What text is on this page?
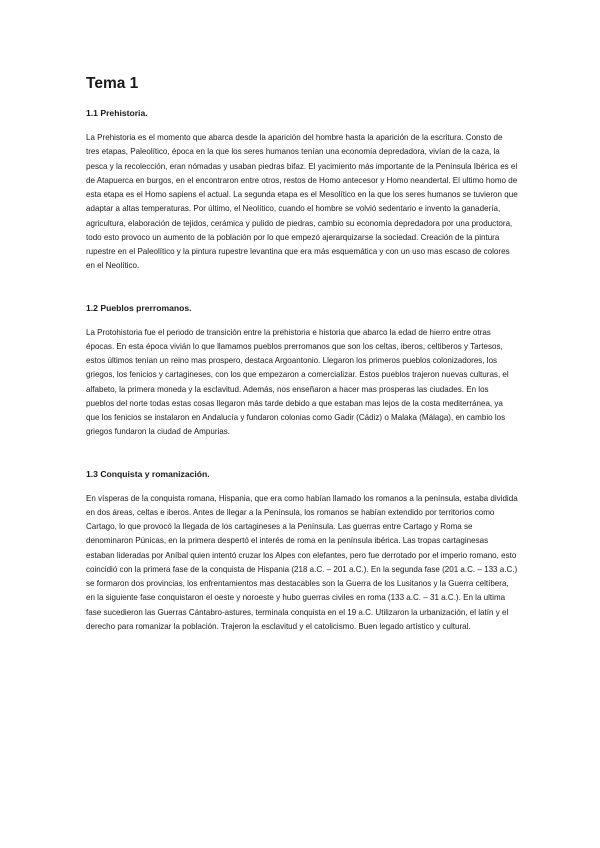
Tema 1
1.1 Prehistoria.

La Prehistoria es el momento que abarca desde la aparición del hombre hasta la aparición de la escritura. Consto de tres etapas, Paleolítico, época en la que los seres humanos tenían una economía depredadora, vivían de la caza, la pesca y la recolección, eran nómadas y usaban piedras bifaz. El yacimiento más importante de la Península Ibérica es el de Atapuerca en burgos, en el encontraron entre otros, restos de Homo antecesor y Homo neandertal. El ultimo homo de esta etapa es el Homo sapiens el actual. La segunda etapa es el Mesolítico en la que los seres humanos se tuvieron que adaptar a altas temperaturas. Por último, el Neolítico, cuando el hombre se volvió sedentario e invento la ganadería, agricultura, elaboración de tejidos, cerámica y pulido de piedras, cambio su economía depredadora por una productora, todo esto provoco un aumento de la población por lo que empezó ajerarquizarse la sociedad. Creación de la pintura rupestre en el Paleolítico y la pintura rupestre levantina que era más esquemática y con un uso mas escaso de colores en el Neolítico.

1.2 Pueblos prerromanos.

La Protohistoria fue el periodo de transición entre la prehistoria e historia que abarco la edad de hierro entre otras épocas. En esta época vivián lo que llamamos pueblos prerromanos que son los celtas, iberos, celtiberos y Tartesos, estos últimos tenían un reino mas prospero, destaca Argoantonio. Llegaron los primeros pueblos colonizadores, los griegos, los fenicios y cartagineses, con los que empezaron a comercializar. Estos pueblos trajeron nuevas culturas, el alfabeto, la primera moneda y la esclavitud. Además, nos enseñaron a hacer mas prosperas las ciudades. En los pueblos del norte todas estas cosas llegaron más tarde debido a que estaban mas lejos de la costa mediterránea, ya que los fenicios se instalaron en Andalucía y fundaron colonias como Gadir (Cádiz) o Malaka (Málaga), en cambio los griegos fundaron la ciudad de Ampurias.

1.3 Conquista y romanización.

En vísperas de la conquista romana, Hispania, que era como habían llamado los romanos a la península, estaba dividida en dos áreas, celtas e iberos. Antes de llegar a la Península, los romanos se habían extendido por territorios como Cartago, lo que provocó la llegada de los cartagineses a la Península. Las guerras entre Cartago y Roma se denominaron Púnicas, en la primera despertó el interés de roma en la península ibérica. Las tropas cartaginesas estaban lideradas por Aníbal quien intentó cruzar los Alpes con elefantes, pero fue derrotado por el imperio romano, esto coincidió con la primera fase de la conquista de Hispania (218 a.C. – 201 a.C.). En la segunda fase (201 a.C. – 133 a.C.) se formaron dos provincias, los enfrentamientos mas destacables son la Guerra de los Lusitanos y la Guerra celtíbera, en la siguiente fase conquistaron el oeste y noroeste y hubo guerras civiles en roma (133 a.C. – 31 a.C.). En la ultima fase sucedieron las Guerras Cántabro-astures, terminala conquista en el 19 a.C. Utilizaron la urbanización, el latín y el derecho para romanizar la población. Trajeron la esclavitud y el catolicismo. Buen legado artístico y cultural.
